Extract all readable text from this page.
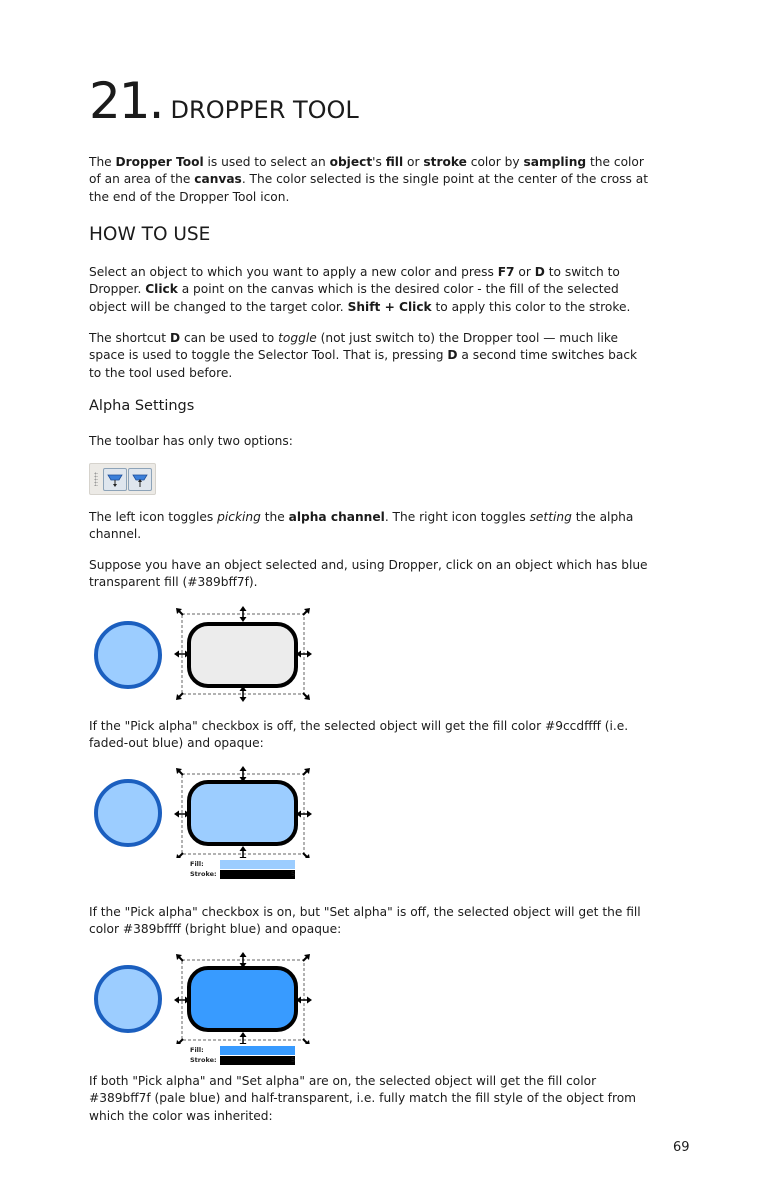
21. DROPPER TOOL

The Dropper Tool is used to select an object's fill or stroke color by sampling the color of an area of the canvas. The color selected is the single point at the center of the cross at the end of the Dropper Tool icon.

HOW TO USE

Select an object to which you want to apply a new color and press F7 or D to switch to Dropper. Click a point on the canvas which is the desired color - the fill of the selected object will be changed to the target color. Shift + Click to apply this color to the stroke.

The shortcut D can be used to toggle (not just switch to) the Dropper tool — much like space is used to toggle the Selector Tool. That is, pressing D a second time switches back to the tool used before.

Alpha Settings

The toolbar has only two options:

The left icon toggles picking the alpha channel. The right icon toggles setting the alpha channel.

Suppose you have an object selected and, using Dropper, click on an object which has blue transparent fill (#389bff7f).

If the "Pick alpha" checkbox is off, the selected object will get the fill color #9ccdffff (i.e. faded-out blue) and opaque:

Fill:
Stroke:	5

If the "Pick alpha" checkbox is on, but "Set alpha" is off, the selected object will get the fill color #389bffff (bright blue) and opaque:

Fill:
Stroke:	5

If both "Pick alpha" and "Set alpha" are on, the selected object will get the fill color #389bff7f (pale blue) and half-transparent, i.e. fully match the fill style of the object from which the color was inherited:

69
